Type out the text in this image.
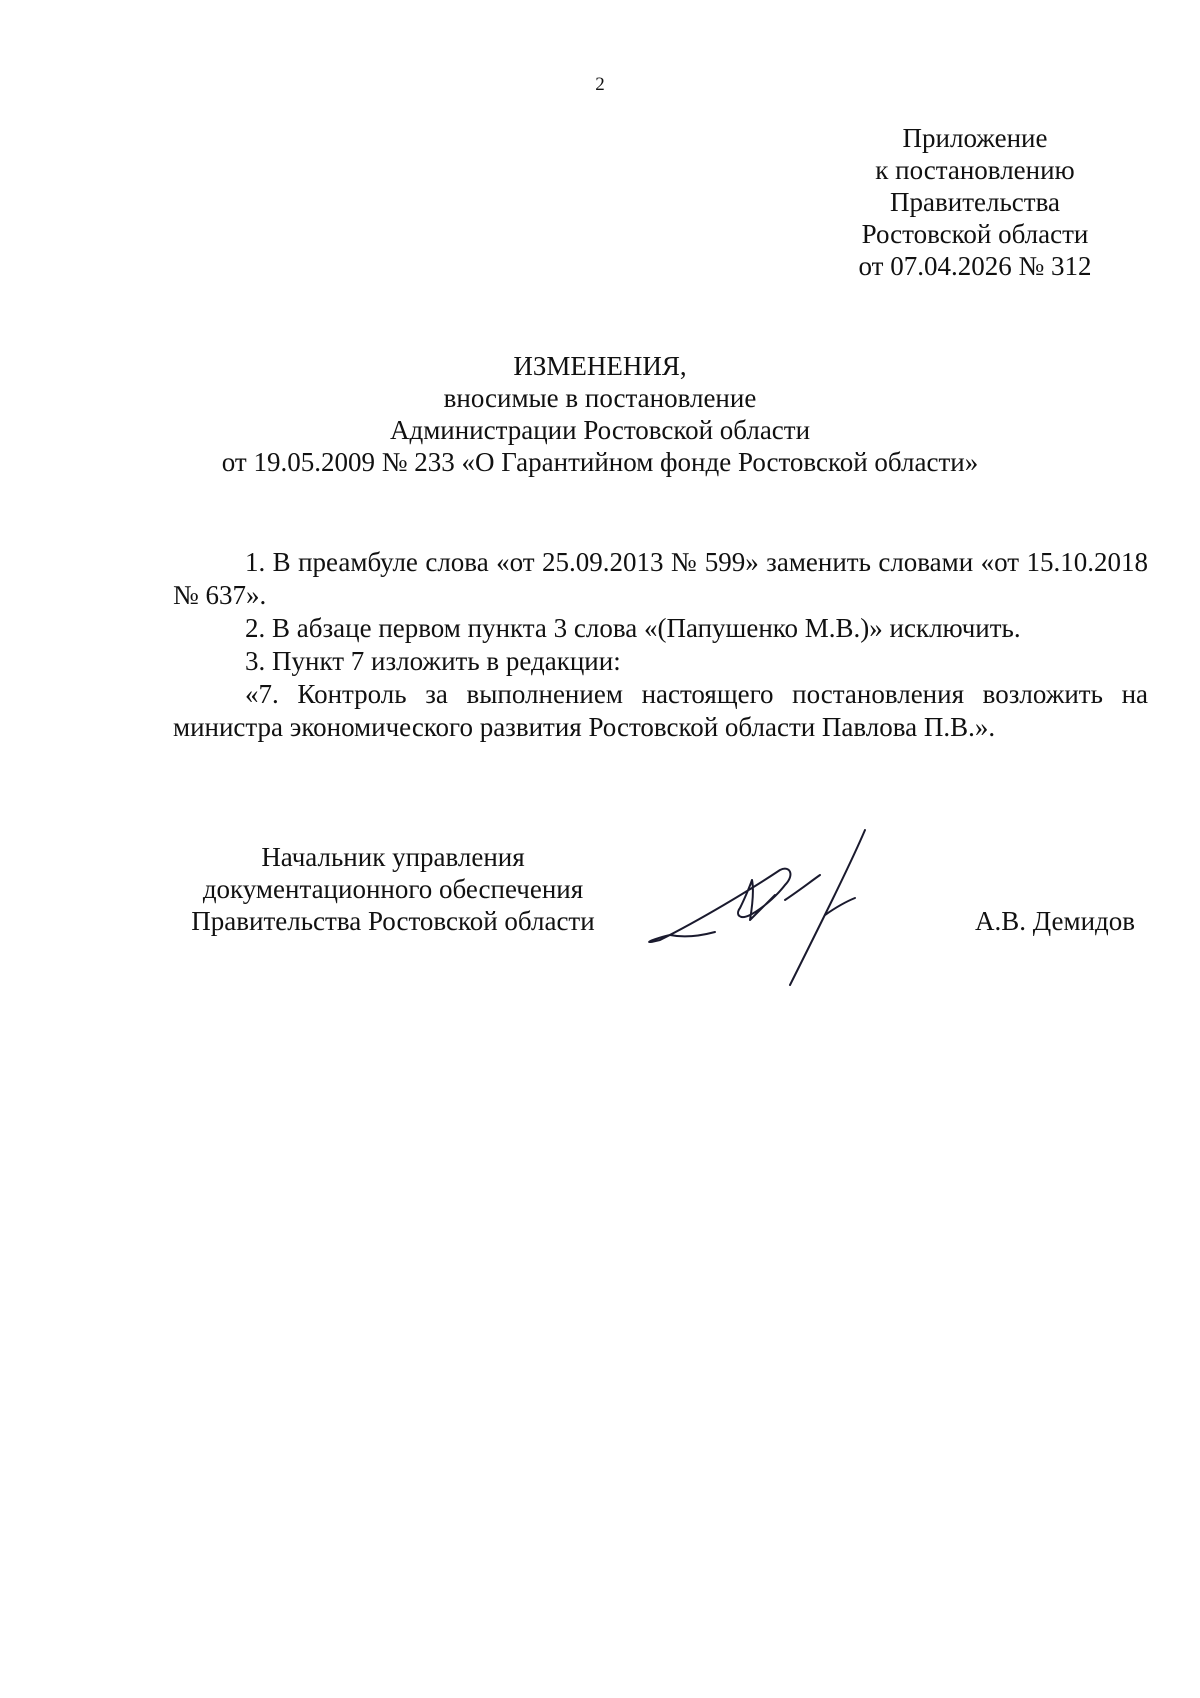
2
Приложение
к постановлению
Правительства
Ростовской области
от 07.04.2026 № 312
ИЗМЕНЕНИЯ,
вносимые в постановление
Администрации Ростовской области
от 19.05.2009 № 233 «О Гарантийном фонде Ростовской области»

1. В преамбуле слова «от 25.09.2013 № 599» заменить словами «от 15.10.2018 № 637».

2. В абзаце первом пункта 3 слова «(Папушенко М.В.)» исключить.

3. Пункт 7 изложить в редакции:

«7. Контроль за выполнением настоящего постановления возложить на министра экономического развития Ростовской области Павлова П.В.».

Начальник управления
документационного обеспечения
Правительства Ростовской области	А.В. Демидов
